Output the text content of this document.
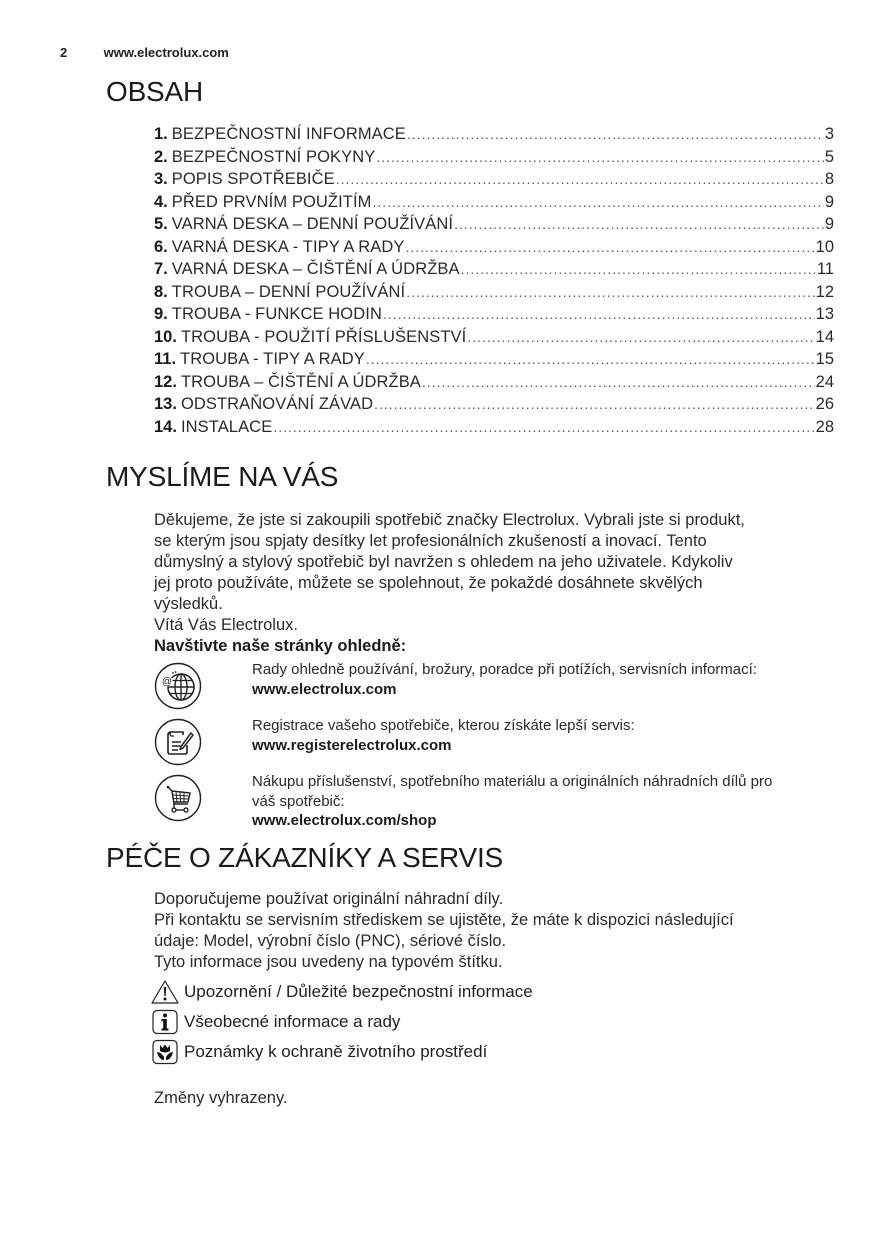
2	www.electrolux.com
OBSAH
1. BEZPEČNOSTNÍ INFORMACE .....	3
2. BEZPEČNOSTNÍ POKYNY .....	5
3. POPIS SPOTŘEBIČE .....	8
4. PŘED PRVNÍM POUŽITÍM .....	9
5. VARNÁ DESKA – DENNÍ POUŽÍVÁNÍ .....	9
6. VARNÁ DESKA - TIPY A RADY .....	10
7. VARNÁ DESKA – ČIŠTĚNÍ A ÚDRŽBA .....	11
8. TROUBA – DENNÍ POUŽÍVÁNÍ .....	12
9. TROUBA - FUNKCE HODIN .....	13
10. TROUBA - POUŽITÍ PŘÍSLUŠENSTVÍ .....	14
11. TROUBA - TIPY A RADY .....	15
12. TROUBA – ČIŠTĚNÍ A ÚDRŽBA .....	24
13. ODSTRAŇOVÁNÍ ZÁVAD .....	26
14. INSTALACE .....	28
MYSLÍME NA VÁS

Děkujeme, že jste si zakoupili spotřebič značky Electrolux. Vybrali jste si produkt,

se kterým jsou spjaty desítky let profesionálních zkušeností a inovací. Tento

důmyslný a stylový spotřebič byl navržen s ohledem na jeho uživatele. Kdykoliv

jej proto používáte, můžete se spolehnout, že pokaždé dosáhnete skvělých

výsledků.

Vítá Vás Electrolux.

Navštivte naše stránky ohledně:

@
Rady ohledně používání, brožury, poradce při potížích, servisních informací:
www.electrolux.com
Registrace vašeho spotřebiče, kterou získáte lepší servis:
www.registerelectrolux.com
Nákupu příslušenství, spotřebního materiálu a originálních náhradních dílů pro
váš spotřebič:
www.electrolux.com/shop
PÉČE O ZÁKAZNÍKY A SERVIS

Doporučujeme používat originální náhradní díly.

Při kontaktu se servisním střediskem se ujistěte, že máte k dispozici následující

údaje: Model, výrobní číslo (PNC), sériové číslo.

Tyto informace jsou uvedeny na typovém štítku.

Upozornění / Důležité bezpečnostní informace
Všeobecné informace a rady
Poznámky k ochraně životního prostředí
Změny vyhrazeny.
